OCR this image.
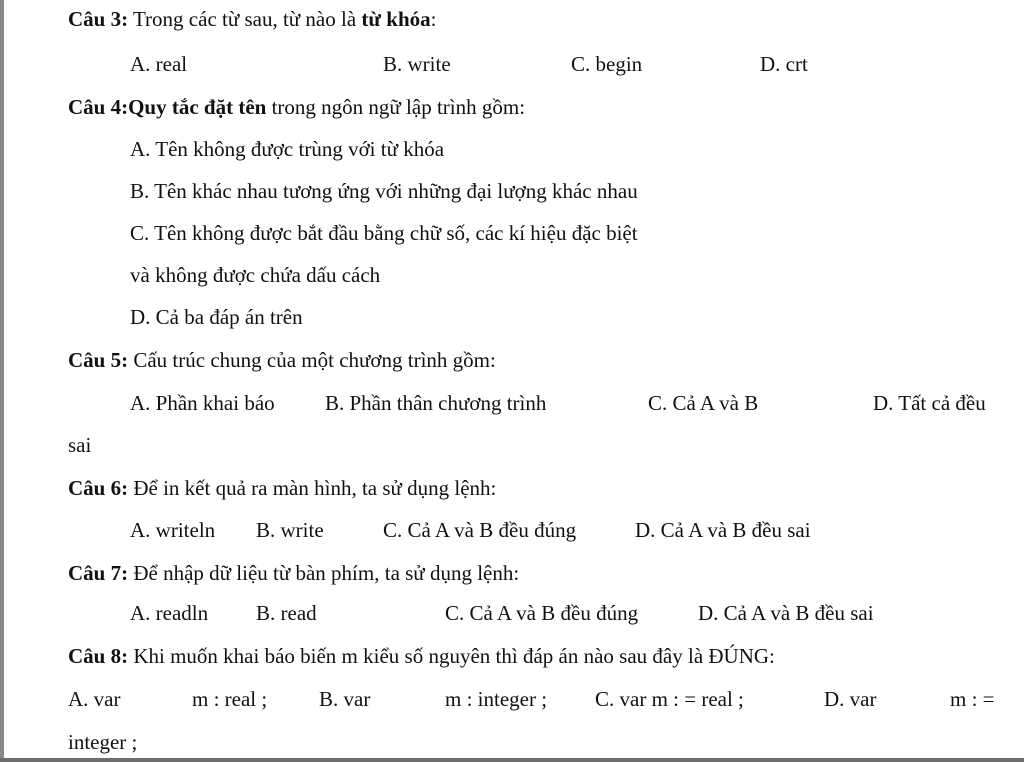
Câu 3: Trong các từ sau, từ nào là từ khóa:
A. real	B. write	C. begin	D. crt
Câu 4:Quy tắc đặt tên trong ngôn ngữ lập trình gồm:
A. Tên không được trùng với từ khóa
B. Tên khác nhau tương ứng với những đại lượng khác nhau
C. Tên không được bắt đầu bằng chữ số, các kí hiệu đặc biệt
và không được chứa dấu cách
D. Cả ba đáp án trên
Câu 5: Cấu trúc chung của một chương trình gồm:
A. Phần khai báo B. Phần thân chương trình	C. Cả A và B	D. Tất cả đều
sai
Câu 6: Để in kết quả ra màn hình, ta sử dụng lệnh:
A. writeln B. write	C. Cả A và B đều đúng	D. Cả A và B đều sai
Câu 7: Để nhập dữ liệu từ bàn phím, ta sử dụng lệnh:
A. readln B. read	C. Cả A và B đều đúng	D. Cả A và B đều sai
Câu 8: Khi muốn khai báo biến m kiểu số nguyên thì đáp án nào sau đây là ĐÚNG:
A. var	m : real ; B. var	m : integer ; C. var m : = real ;	D. var	m : =
integer ;
